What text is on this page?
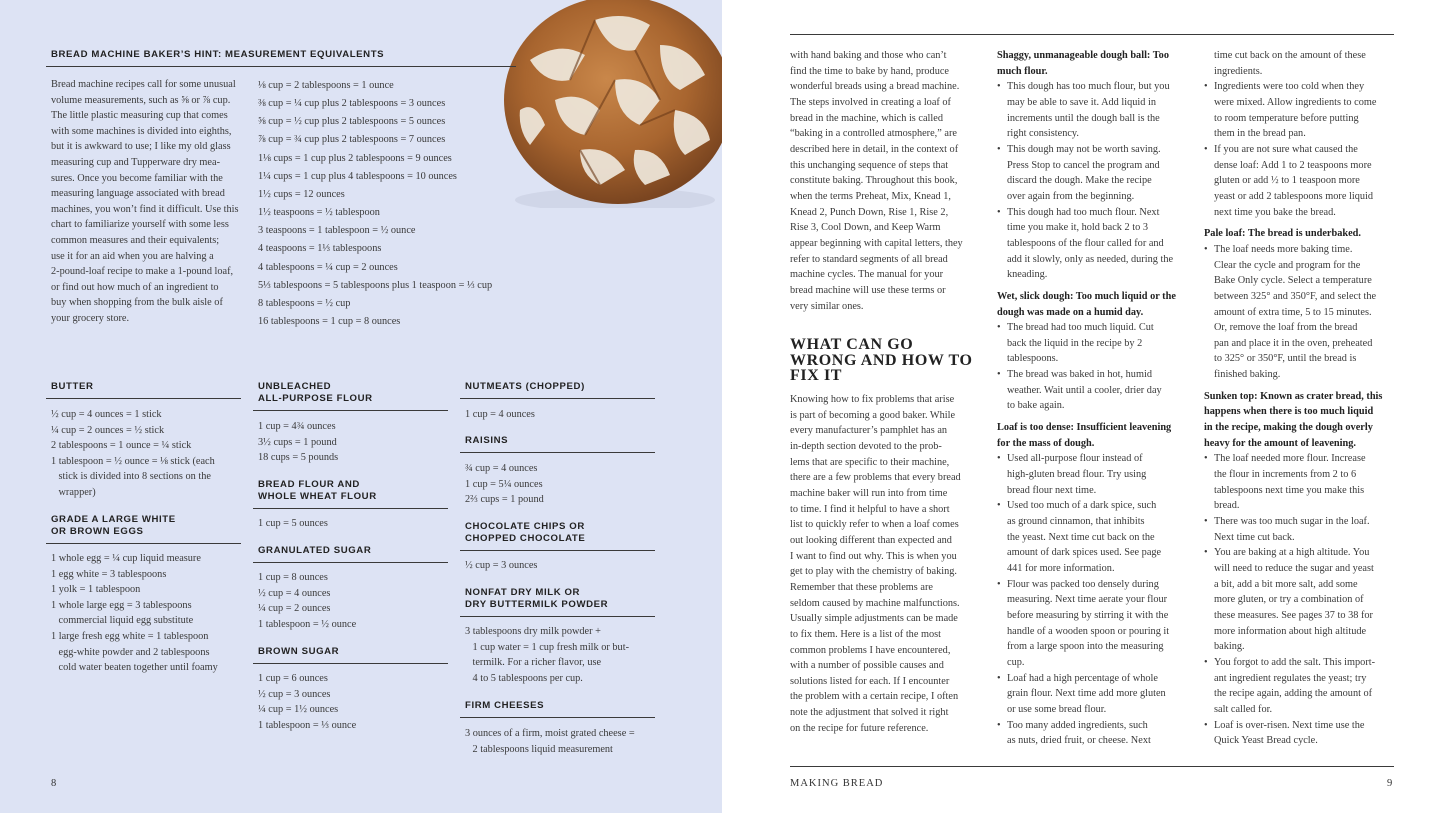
BREAD MACHINE BAKER’S HINT: MEASUREMENT EQUIVALENTS
Bread machine recipes call for some unusual
volume measurements, such as ⅝ or ⅞ cup.
The little plastic measuring cup that comes
with some machines is divided into eighths,
but it is awkward to use; I like my old glass
measuring cup and Tupperware dry mea-
sures. Once you become familiar with the
measuring language associated with bread
machines, you won’t find it difficult. Use this
chart to familiarize yourself with some less
common measures and their equivalents;
use it for an aid when you are halving a
2-pound-loaf recipe to make a 1-pound loaf,
or find out how much of an ingredient to
buy when shopping from the bulk aisle of
your grocery store.
⅛ cup = 2 tablespoons = 1 ounce
⅜ cup = ¼ cup plus 2 tablespoons = 3 ounces
⅝ cup = ½ cup plus 2 tablespoons = 5 ounces
⅞ cup = ¾ cup plus 2 tablespoons = 7 ounces
1⅛ cups = 1 cup plus 2 tablespoons = 9 ounces
1¼ cups = 1 cup plus 4 tablespoons = 10 ounces
1½ cups = 12 ounces
1½ teaspoons = ½ tablespoon
3 teaspoons = 1 tablespoon = ½ ounce
4 teaspoons = 1⅓ tablespoons
4 tablespoons = ¼ cup = 2 ounces
5⅓ tablespoons = 5 tablespoons plus 1 teaspoon = ⅓ cup
8 tablespoons = ½ cup
16 tablespoons = 1 cup = 8 ounces
BUTTER
½ cup = 4 ounces = 1 stick
¼ cup = 2 ounces = ½ stick
2 tablespoons = 1 ounce = ¼ stick
1 tablespoon = ½ ounce = ⅛ stick (each
stick is divided into 8 sections on the
wrapper)
GRADE A LARGE WHITE
OR BROWN EGGS
1 whole egg = ¼ cup liquid measure
1 egg white = 3 tablespoons
1 yolk = 1 tablespoon
1 whole large egg = 3 tablespoons
commercial liquid egg substitute
1 large fresh egg white = 1 tablespoon
egg-white powder and 2 tablespoons
cold water beaten together until foamy
UNBLEACHED
ALL-PURPOSE FLOUR
1 cup = 4¾ ounces
3½ cups = 1 pound
18 cups = 5 pounds
BREAD FLOUR AND
WHOLE WHEAT FLOUR
1 cup = 5 ounces
GRANULATED SUGAR
1 cup = 8 ounces
½ cup = 4 ounces
¼ cup = 2 ounces
1 tablespoon = ½ ounce
BROWN SUGAR
1 cup = 6 ounces
½ cup = 3 ounces
¼ cup = 1½ ounces
1 tablespoon = ⅓ ounce
NUTMEATS (CHOPPED)
1 cup = 4 ounces
RAISINS
¾ cup = 4 ounces
1 cup = 5¼ ounces
2⅔ cups = 1 pound
CHOCOLATE CHIPS OR
CHOPPED CHOCOLATE
½ cup = 3 ounces
NONFAT DRY MILK OR
DRY BUTTERMILK POWDER
3 tablespoons dry milk powder +
1 cup water = 1 cup fresh milk or but-
termilk. For a richer flavor, use
4 to 5 tablespoons per cup.
FIRM CHEESES
3 ounces of a firm, moist grated cheese =
2 tablespoons liquid measurement
8
with hand baking and those who can’t
find the time to bake by hand, produce
wonderful breads using a bread machine.
The steps involved in creating a loaf of
bread in the machine, which is called
“baking in a controlled atmosphere,” are
described here in detail, in the context of
this unchanging sequence of steps that
constitute baking. Throughout this book,
when the terms Preheat, Mix, Knead 1,
Knead 2, Punch Down, Rise 1, Rise 2,
Rise 3, Cool Down, and Keep Warm
appear beginning with capital letters, they
refer to standard segments of all bread
machine cycles. The manual for your
bread machine will use these terms or
very similar ones.
WHAT CAN GO
WRONG AND HOW TO
FIX IT
Knowing how to fix problems that arise
is part of becoming a good baker. While
every manufacturer’s pamphlet has an
in-depth section devoted to the prob-
lems that are specific to their machine,
there are a few problems that every bread
machine baker will run into from time
to time. I find it helpful to have a short
list to quickly refer to when a loaf comes
out looking different than expected and
I want to find out why. This is when you
get to play with the chemistry of baking.
Remember that these problems are
seldom caused by machine malfunctions.
Usually simple adjustments can be made
to fix them. Here is a list of the most
common problems I have encountered,
with a number of possible causes and
solutions listed for each. If I encounter
the problem with a certain recipe, I often
note the adjustment that solved it right
on the recipe for future reference.
Shaggy, unmanageable dough ball: Too
much flour.
• This dough has too much flour, but you
may be able to save it. Add liquid in
increments until the dough ball is the
right consistency.
• This dough may not be worth saving.
Press Stop to cancel the program and
discard the dough. Make the recipe
over again from the beginning.
• This dough had too much flour. Next
time you make it, hold back 2 to 3
tablespoons of the flour called for and
add it slowly, only as needed, during the
kneading.
Wet, slick dough: Too much liquid or the
dough was made on a humid day.
• The bread had too much liquid. Cut
back the liquid in the recipe by 2
tablespoons.
• The bread was baked in hot, humid
weather. Wait until a cooler, drier day
to bake again.
Loaf is too dense: Insufficient leavening
for the mass of dough.
• Used all-purpose flour instead of
high-gluten bread flour. Try using
bread flour next time.
• Used too much of a dark spice, such
as ground cinnamon, that inhibits
the yeast. Next time cut back on the
amount of dark spices used. See page
441 for more information.
• Flour was packed too densely during
measuring. Next time aerate your flour
before measuring by stirring it with the
handle of a wooden spoon or pouring it
from a large spoon into the measuring
cup.
• Loaf had a high percentage of whole
grain flour. Next time add more gluten
or use some bread flour.
• Too many added ingredients, such
as nuts, dried fruit, or cheese. Next
time cut back on the amount of these
ingredients.
• Ingredients were too cold when they
were mixed. Allow ingredients to come
to room temperature before putting
them in the bread pan.
• If you are not sure what caused the
dense loaf: Add 1 to 2 teaspoons more
gluten or add ½ to 1 teaspoon more
yeast or add 2 tablespoons more liquid
next time you bake the bread.
Pale loaf: The bread is underbaked.
• The loaf needs more baking time.
Clear the cycle and program for the
Bake Only cycle. Select a temperature
between 325° and 350°F, and select the
amount of extra time, 5 to 15 minutes.
Or, remove the loaf from the bread
pan and place it in the oven, preheated
to 325° or 350°F, until the bread is
finished baking.
Sunken top: Known as crater bread, this
happens when there is too much liquid
in the recipe, making the dough overly
heavy for the amount of leavening.
• The loaf needed more flour. Increase
the flour in increments from 2 to 6
tablespoons next time you make this
bread.
• There was too much sugar in the loaf.
Next time cut back.
• You are baking at a high altitude. You
will need to reduce the sugar and yeast
a bit, add a bit more salt, add some
more gluten, or try a combination of
these measures. See pages 37 to 38 for
more information about high altitude
baking.
• You forgot to add the salt. This import-
ant ingredient regulates the yeast; try
the recipe again, adding the amount of
salt called for.
• Loaf is over-risen. Next time use the
Quick Yeast Bread cycle.
MAKING BREAD	9
